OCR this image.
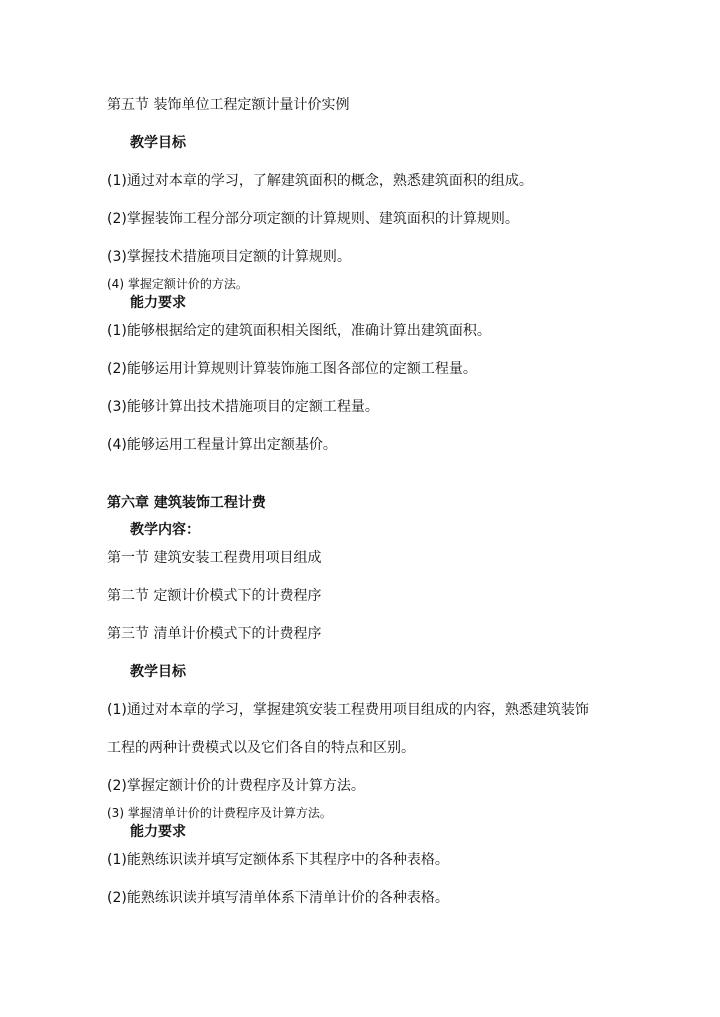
第五节 装饰单位工程定额计量计价实例
教学目标
(1)通过对本章的学习，了解建筑面积的概念，熟悉建筑面积的组成。
(2)掌握装饰工程分部分项定额的计算规则、建筑面积的计算规则。
(3)掌握技术措施项目定额的计算规则。
(4) 掌握定额计价的方法。
能力要求
(1)能够根据给定的建筑面积相关图纸，准确计算出建筑面积。
(2)能够运用计算规则计算装饰施工图各部位的定额工程量。
(3)能够计算出技术措施项目的定额工程量。
(4)能够运用工程量计算出定额基价。
第六章 建筑装饰工程计费
教学内容：
第一节 建筑安装工程费用项目组成
第二节 定额计价模式下的计费程序
第三节 清单计价模式下的计费程序
教学目标
(1)通过对本章的学习，掌握建筑安装工程费用项目组成的内容，熟悉建筑装饰
工程的两种计费模式以及它们各自的特点和区别。
(2)掌握定额计价的计费程序及计算方法。
(3) 掌握清单计价的计费程序及计算方法。
能力要求
(1)能熟练识读并填写定额体系下其程序中的各种表格。
(2)能熟练识读并填写清单体系下清单计价的各种表格。
